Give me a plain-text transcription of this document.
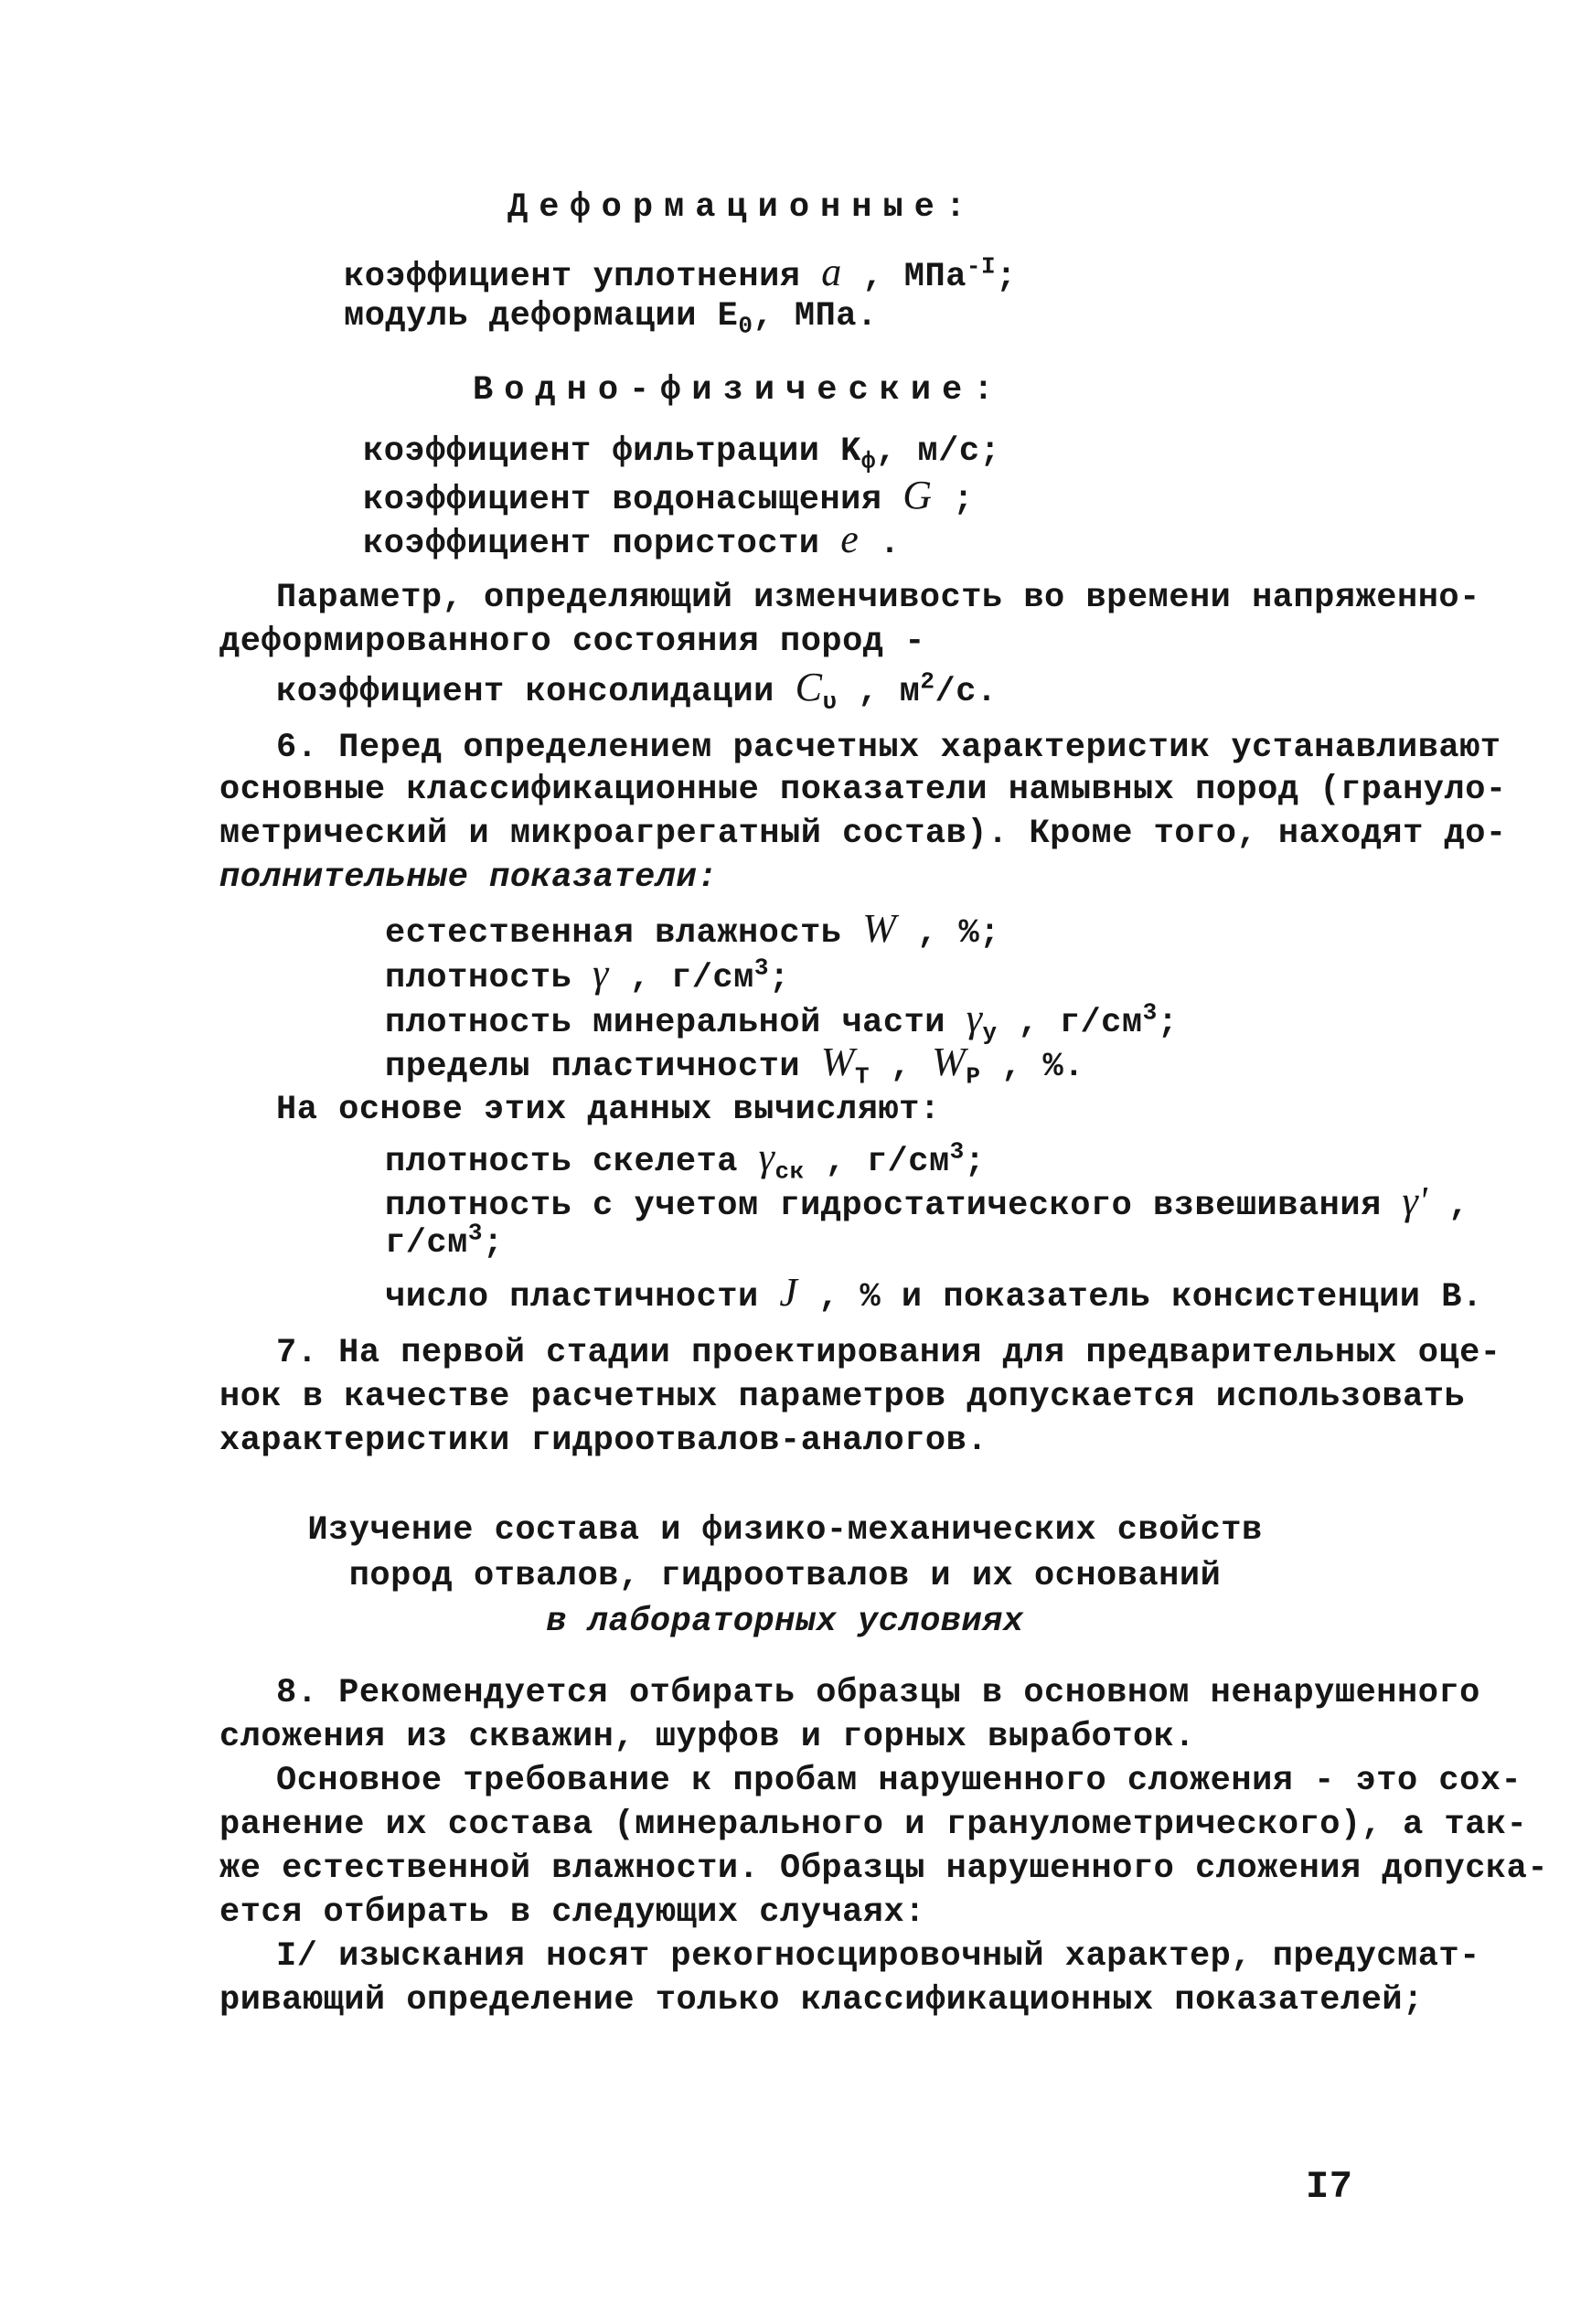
Деформационные:
коэффициент уплотнения a , МПа$^{-I}$;
модуль деформации $E_0$, МПа.
Водно-физические:
коэффициент фильтрации $K_ф$, м/с;
коэффициент водонасыщения G ;
коэффициент пористости e .
Параметр, определяющий изменчивость во времени напряженно-
деформированного состояния пород -
коэффициент консолидации $C_\upsilon$ , $м^2/с$.
6. Перед определением расчетных характеристик устанавливают
основные классификационные показатели намывных пород (грануло-
метрический и микроагрегатный состав). Кроме того, находят до-
полнительные показатели:
естественная влажность W , %;
плотность γ , $г/см^3$;
плотность минеральной части $\gamma_y$ , $г/см^3$;
пределы пластичности $W_T$ , $W_P$ , %.
На основе этих данных вычисляют:
плотность скелета $\gamma_{ск}$ , $г/см^3$;
плотность с учетом гидростатического взвешивания γ' ,
$г/см^3$;
число пластичности J , % и показатель консистенции B.
7. На первой стадии проектирования для предварительных оце-
нок в качестве расчетных параметров допускается использовать
характеристики гидроотвалов-аналогов.
Изучение состава и физико-механических свойств
пород отвалов, гидроотвалов и их оснований
в лабораторных условиях
8. Рекомендуется отбирать образцы в основном ненарушенного
сложения из скважин, шурфов и горных выработок.
Основное требование к пробам нарушенного сложения - это сох-
ранение их состава (минерального и гранулометрического), а так-
же естественной влажности. Образцы нарушенного сложения допуска-
ется отбирать в следующих случаях:
I/ изыскания носят рекогносцировочный характер, предусмат-
ривающий определение только классификационных показателей;
I7
